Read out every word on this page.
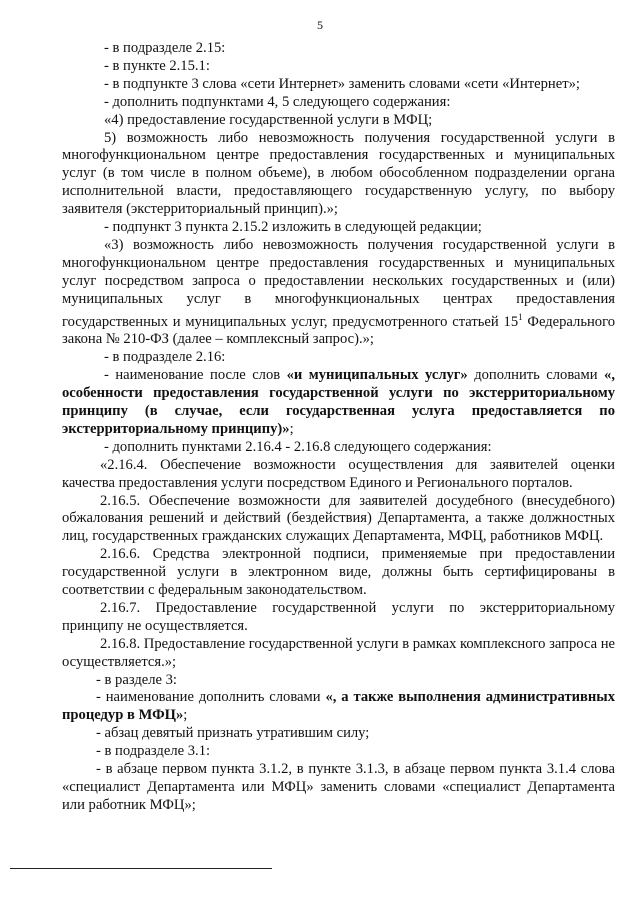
5

- в подразделе 2.15:

- в пункте 2.15.1:

- в подпункте 3 слова «сети Интернет» заменить словами «сети «Интернет»;

- дополнить подпунктами 4, 5 следующего содержания:

«4) предоставление государственной услуги в МФЦ;

5) возможность либо невозможность получения государственной услуги в многофункциональном центре предоставления государственных и муниципальных услуг (в том числе в полном объеме), в любом обособленном подразделении органа исполнительной власти, предоставляющего государственную услугу, по выбору заявителя (экстерриториальный принцип).»;

- подпункт 3 пункта 2.15.2 изложить в следующей редакции;

«3) возможность либо невозможность получения государственной услуги в многофункциональном центре предоставления государственных и муниципальных услуг посредством запроса о предоставлении нескольких государственных и (или) муниципальных услуг в многофункциональных центрах предоставления государственных и муниципальных услуг, предусмотренного статьей $15^1$ Федерального закона № 210-ФЗ (далее – комплексный запрос).»;

- в подразделе 2.16:

- наименование после слов «и муниципальных услуг» дополнить словами «, особенности предоставления государственной услуги по экстерриториальному принципу (в случае, если государственная услуга предоставляется по экстерриториальному принципу)»;

- дополнить пунктами 2.16.4 - 2.16.8 следующего содержания:

«2.16.4. Обеспечение возможности осуществления для заявителей оценки качества предоставления услуги посредством Единого и Регионального порталов.

2.16.5. Обеспечение возможности для заявителей досудебного (внесудебного) обжалования решений и действий (бездействия) Департамента, а также должностных лиц, государственных гражданских служащих Департамента, МФЦ, работников МФЦ.

2.16.6. Средства электронной подписи, применяемые при предоставлении государственной услуги в электронном виде, должны быть сертифицированы в соответствии с федеральным законодательством.

2.16.7. Предоставление государственной услуги по экстерриториальному принципу не осуществляется.

2.16.8. Предоставление государственной услуги в рамках комплексного запроса не осуществляется.»;

- в разделе 3:

- наименование дополнить словами «, а также выполнения административных процедур в МФЦ»;

- абзац девятый признать утратившим силу;

- в подразделе 3.1:

- в абзаце первом пункта 3.1.2, в пункте 3.1.3, в абзаце первом пункта 3.1.4 слова «специалист Департамента или МФЦ» заменить словами «специалист Департамента или работник МФЦ»;
